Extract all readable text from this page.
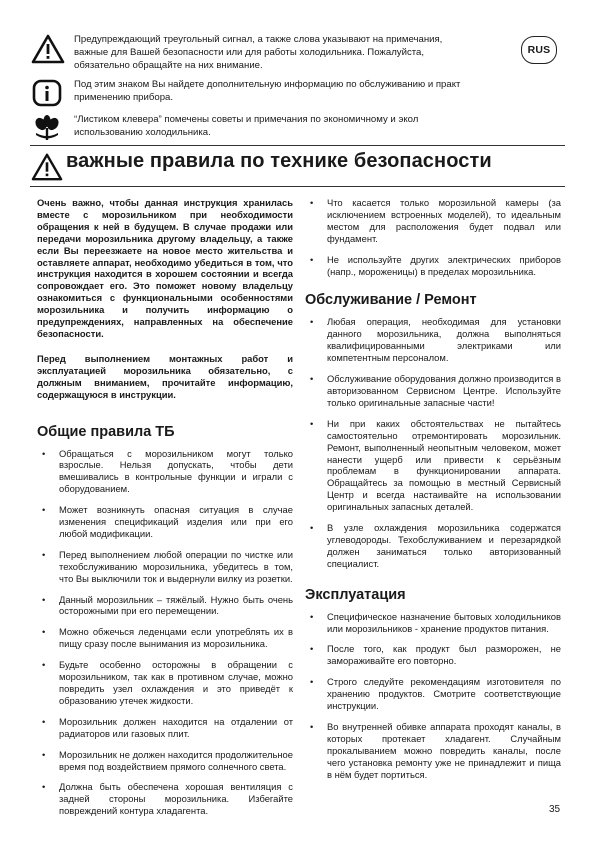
Предупреждающий треугольный сигнал, а также слова указывают на примечания,
важные для Вашей безопасности или для работы холодильника. Пожалуйста,
обязательно обращайте на них внимание.
Под этим знаком Вы найдете дополнительную информацию по обслуживанию и практ
применению прибора.
“Листиком клевера” помечены советы и примечания по экономичному и экол
использованию холодильника.
RUS
важные правила по технике безопасности

Очень важно, чтобы данная инструкция хранилась вместе с морозильником при необходимости обращения к ней в будущем. В случае продажи или передачи морозильника другому владельцу, а также если Вы переезжаете на новое место жительства и оставляете аппарат, необходимо убедиться в том, что инструкция находится в хорошем состоянии и всегда сопровождает его. Это поможет новому владельцу ознакомиться с функциональными особенностями морозильника и получить информацию о предупреждениях, направленных на обеспечение безопасности.

Перед выполнением монтажных работ и эксплуатацией морозильника обязательно, с должным вниманием, прочитайте информацию, содержащуюся в инструкции.

Общие правила ТБ
• Обращаться с морозильником могут только взрослые. Нельзя допускать, чтобы дети вмешивались в контрольные функции и играли с оборудованием.
• Может возникнуть опасная ситуация в случае изменения спецификаций изделия или при его любой модификации.
• Перед выполнением любой операции по чистке или техобслуживанию морозильника, убедитесь в том, что Вы выключили ток и выдернули вилку из розетки.
• Данный морозильник – тяжёлый. Нужно быть очень осторожными при его перемещении.
• Можно обжечься леденцами если употреблять их в пищу сразу после вынимания из морозильника.
• Будьте особенно осторожны в обращении с морозильником, так как в противном случае, можно повредить узел охлаждения и это приведёт к образованию утечек жидкости.
• Морозильник должен находится на отдалении от радиаторов или газовых плит.
• Морозильник не должен находится продолжительное время под воздействием прямого солнечного света.
• Должна быть обеспечена хорошая вентиляция с задней стороны морозильника. Избегайте повреждений контура хладагента.
• Что касается только морозильной камеры (за исключением встроенных моделей), то идеальным местом для расположения будет подвал или фундамент.
• Не используйте других электрических приборов (напр., мороженицы) в пределах морозильника.
Обслуживание / Ремонт
• Любая операция, необходимая для установки данного морозильника, должна выполняться квалифицированными электриками или компетентным персоналом.
• Обслуживание оборудования должно производится в авторизованном Сервисном Центре. Используйте только оригинальные запасные части!
• Ни при каких обстоятельствах не пытайтесь самостоятельно отремонтировать морозильник. Ремонт, выполненный неопытным человеком, может нанести ущерб или привести к серьёзным проблемам в функционировании аппарата. Обращайтесь за помощью в местный Сервисный Центр и всегда настаивайте на использовании оригинальных запасных деталей.
• В узле охлаждения морозильника содержатся углеводороды. Техобслуживанием и перезарядкой должен заниматься только авторизованный специалист.
Эксплуатация
• Специфическое назначение бытовых холодильников или морозильников - хранение продуктов питания.
• После того, как продукт был разморожен, не замораживайте его повторно.
• Строго следуйте рекомендациям изготовителя по хранению продуктов. Смотрите соответствующие инструкции.
• Во внутренней обивке аппарата проходят каналы, в которых протекает хладагент. Случайным прокалыванием можно повредить каналы, после чего установка ремонту уже не принадлежит и пища в нём будет портиться.
35
